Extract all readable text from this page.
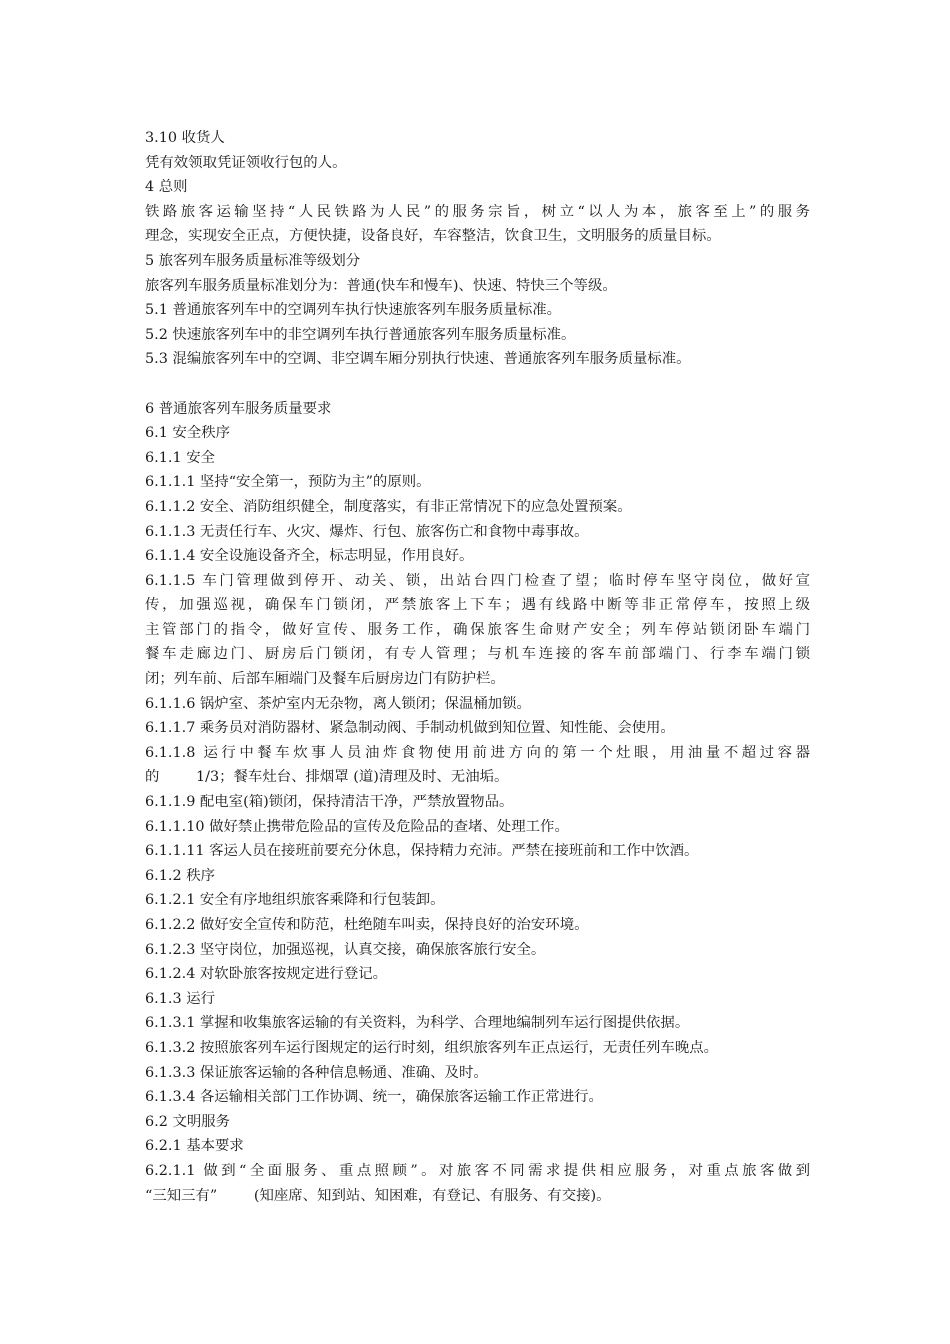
3.10 收货人
凭有效领取凭证领收行包的人。
4 总则
铁路旅客运输坚持“人民铁路为人民”的服务宗旨，树立“以人为本，旅客至上”的服务
理念，实现安全正点，方便快捷，设备良好，车容整洁，饮食卫生，文明服务的质量目标。
5 旅客列车服务质量标准等级划分
旅客列车服务质量标准划分为：普通(快车和慢车)、快速、特快三个等级。
5.1 普通旅客列车中的空调列车执行快速旅客列车服务质量标准。
5.2 快速旅客列车中的非空调列车执行普通旅客列车服务质量标准。
5.3 混编旅客列车中的空调、非空调车厢分别执行快速、普通旅客列车服务质量标准。
6 普通旅客列车服务质量要求
6.1 安全秩序
6.1.1 安全
6.1.1.1 坚持“安全第一，预防为主”的原则。
6.1.1.2 安全、消防组织健全，制度落实，有非正常情况下的应急处置预案。
6.1.1.3 无责任行车、火灾、爆炸、行包、旅客伤亡和食物中毒事故。
6.1.1.4 安全设施设备齐全，标志明显，作用良好。
6.1.1.5 车门管理做到停开、动关、锁，出站台四门检查了望；临时停车坚守岗位，做好宣
传，加强巡视，确保车门锁闭，严禁旅客上下车；遇有线路中断等非正常停车，按照上级
主管部门的指令，做好宣传、服务工作，确保旅客生命财产安全；列车停站锁闭卧车端门
餐车走廊边门、厨房后门锁闭，有专人管理；与机车连接的客车前部端门、行李车端门锁
闭；列车前、后部车厢端门及餐车后厨房边门有防护栏。
6.1.1.6 锅炉室、茶炉室内无杂物，离人锁闭；保温桶加锁。
6.1.1.7 乘务员对消防器材、紧急制动阀、手制动机做到知位置、知性能、会使用。
6.1.1.8 运行中餐车炊事人员油炸食物使用前进方向的第一个灶眼，用油量不超过容器
的        1/3；餐车灶台、排烟罩 (道)清理及时、无油垢。
6.1.1.9 配电室(箱)锁闭，保持清洁干净，严禁放置物品。
6.1.1.10 做好禁止携带危险品的宣传及危险品的查堵、处理工作。
6.1.1.11 客运人员在接班前要充分休息，保持精力充沛。严禁在接班前和工作中饮酒。
6.1.2 秩序
6.1.2.1 安全有序地组织旅客乘降和行包装卸。
6.1.2.2 做好安全宣传和防范，杜绝随车叫卖，保持良好的治安环境。
6.1.2.3 坚守岗位，加强巡视，认真交接，确保旅客旅行安全。
6.1.2.4 对软卧旅客按规定进行登记。
6.1.3 运行
6.1.3.1 掌握和收集旅客运输的有关资料，为科学、合理地编制列车运行图提供依据。
6.1.3.2 按照旅客列车运行图规定的运行时刻，组织旅客列车正点运行，无责任列车晚点。
6.1.3.3 保证旅客运输的各种信息畅通、准确、及时。
6.1.3.4 各运输相关部门工作协调、统一，确保旅客运输工作正常进行。
6.2 文明服务
6.2.1 基本要求
6.2.1.1 做到“全面服务、重点照顾”。对旅客不同需求提供相应服务，对重点旅客做到
“三知三有”        (知座席、知到站、知困难，有登记、有服务、有交接)。
